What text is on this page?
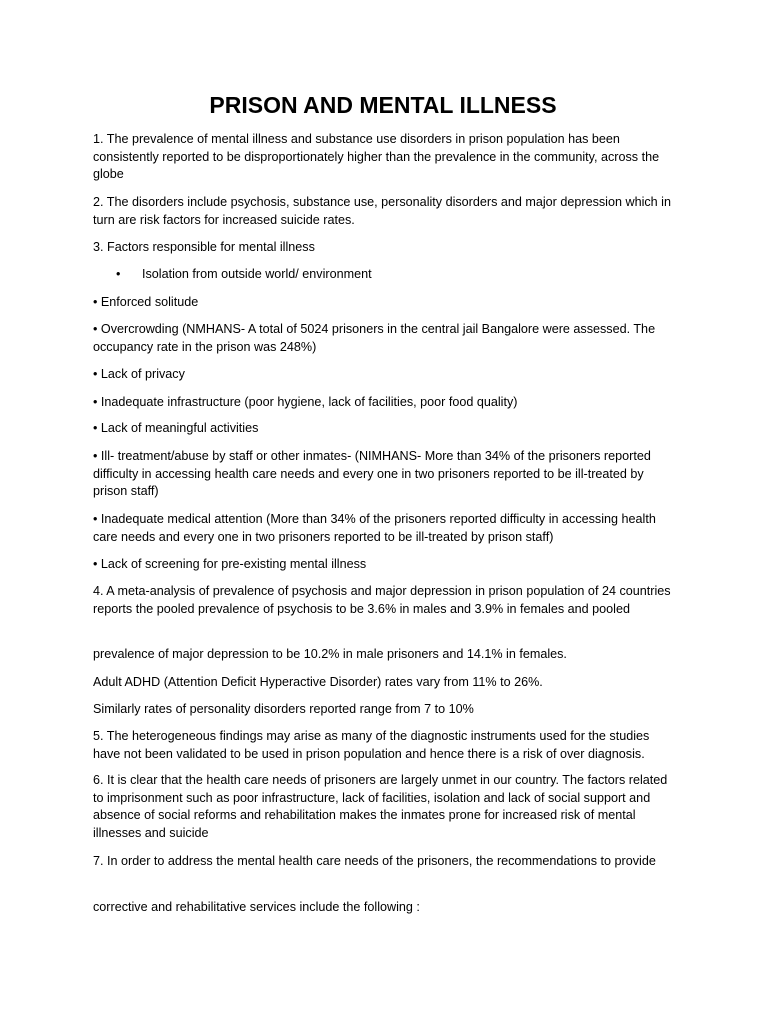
PRISON AND MENTAL ILLNESS
1. The prevalence of mental illness and substance use disorders in prison population has been consistently reported to be disproportionately higher than the prevalence in the community, across the globe
2. The disorders include psychosis, substance use, personality disorders and major depression which in turn are risk factors for increased suicide rates.
3. Factors responsible for mental illness
• Isolation from outside world/ environment
• Enforced solitude
• Overcrowding (NMHANS- A total of 5024 prisoners in the central jail Bangalore were assessed. The occupancy rate in the prison was 248%)
• Lack of privacy
• Inadequate infrastructure (poor hygiene, lack of facilities, poor food quality)
• Lack of meaningful activities
• Ill- treatment/abuse by staff or other inmates- (NIMHANS- More than 34% of the prisoners reported difficulty in accessing health care needs and every one in two prisoners reported to be ill-treated by prison staff)
• Inadequate medical attention (More than 34% of the prisoners reported difficulty in accessing health care needs and every one in two prisoners reported to be ill-treated by prison staff)
• Lack of screening for pre-existing mental illness
4. A meta-analysis of prevalence of psychosis and major depression in prison population of 24 countries reports the pooled prevalence of psychosis to be 3.6% in males and 3.9% in females and pooled
prevalence of major depression to be 10.2% in male prisoners and 14.1% in females.
Adult ADHD (Attention Deficit Hyperactive Disorder) rates vary from 11% to 26%.
Similarly rates of personality disorders reported range from 7 to 10%
5. The heterogeneous findings may arise as many of the diagnostic instruments used for the studies have not been validated to be used in prison population and hence there is a risk of over diagnosis.
6. It is clear that the health care needs of prisoners are largely unmet in our country. The factors related to imprisonment such as poor infrastructure, lack of facilities, isolation and lack of social support and absence of social reforms and rehabilitation makes the inmates prone for increased risk of mental illnesses and suicide
7. In order to address the mental health care needs of the prisoners, the recommendations to provide
corrective and rehabilitative services include the following :
